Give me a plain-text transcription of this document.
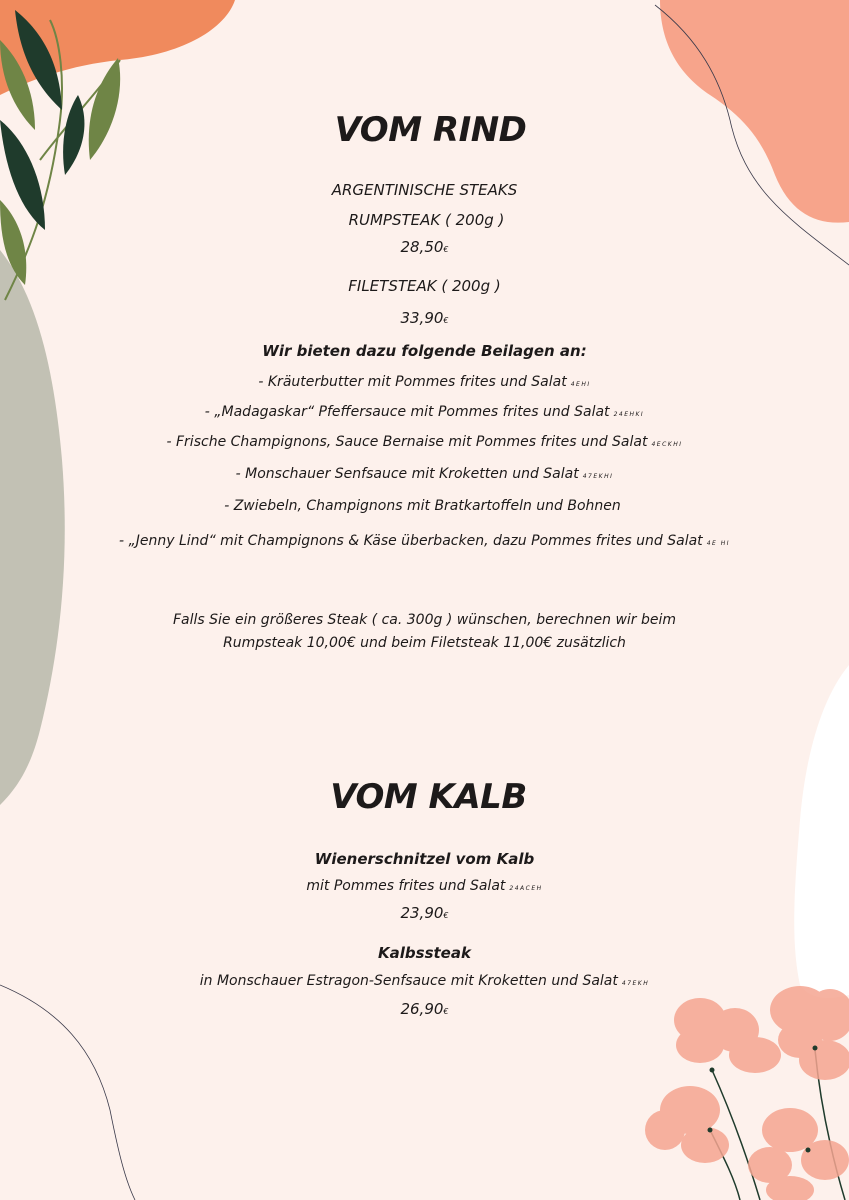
VOM RIND
ARGENTINISCHE STEAKS
RUMPSTEAK ( 200g )
28,50€
FILETSTEAK ( 200g )
33,90€
Wir bieten dazu folgende Beilagen an:
- Kräuterbutter mit Pommes frites und Salat 4EHI
- „Madagaskar“ Pfeffersauce mit Pommes frites und Salat 24EHKI
- Frische Champignons, Sauce Bernaise mit Pommes frites und Salat 4ECKHI
- Monschauer Senfsauce mit Kroketten und Salat 47EKHI
- Zwiebeln, Champignons mit Bratkartoffeln und Bohnen
- „Jenny Lind“ mit Champignons & Käse überbacken, dazu Pommes frites und Salat 4E HI
Falls Sie ein größeres Steak ( ca. 300g ) wünschen, berechnen wir beim
Rumpsteak 10,00€ und beim Filetsteak 11,00€ zusätzlich
VOM KALB
Wienerschnitzel vom Kalb
mit Pommes frites und Salat 24ACEH
23,90€
Kalbssteak
in Monschauer Estragon-Senfsauce mit Kroketten und Salat 47EKH
26,90€
